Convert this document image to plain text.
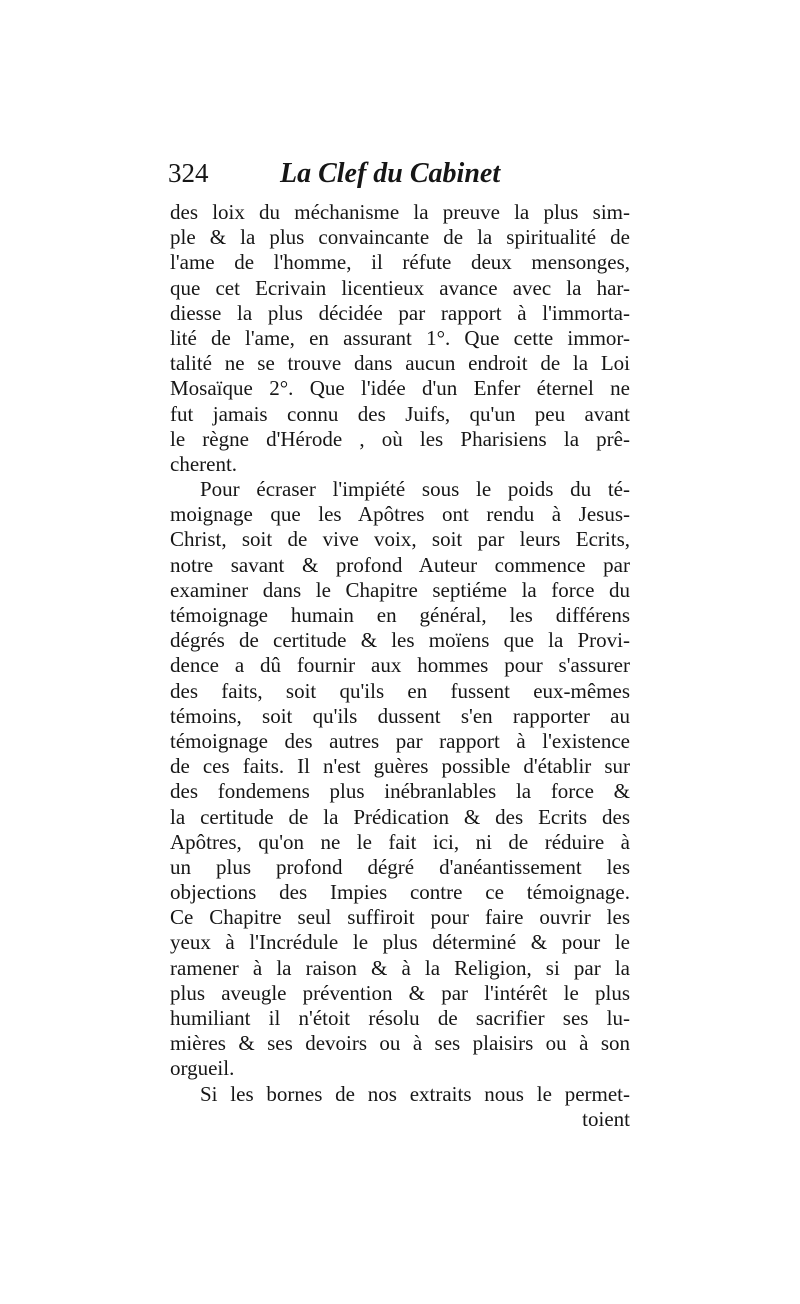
324	La Clef du Cabinet
des loix du méchanisme la preuve la plus sim-
ple & la plus convaincante de la spiritualité de
l'ame de l'homme, il réfute deux mensonges,
que cet Ecrivain licentieux avance avec la har-
diesse la plus décidée par rapport à l'immorta-
lité de l'ame, en assurant 1°. Que cette immor-
talité ne se trouve dans aucun endroit de la Loi
Mosaïque 2°. Que l'idée d'un Enfer éternel ne
fut jamais connu des Juifs, qu'un peu avant
le règne d'Hérode , où les Pharisiens la prê-
cherent.
Pour écraser l'impiété sous le poids du té-
moignage que les Apôtres ont rendu à Jesus-
Christ, soit de vive voix, soit par leurs Ecrits,
notre savant & profond Auteur commence par
examiner dans le Chapitre septiéme la force du
témoignage humain en général, les différens
dégrés de certitude & les moïens que la Provi-
dence a dû fournir aux hommes pour s'assurer
des faits, soit qu'ils en fussent eux-mêmes
témoins, soit qu'ils dussent s'en rapporter au
témoignage des autres par rapport à l'existence
de ces faits. Il n'est guères possible d'établir sur
des fondemens plus inébranlables la force &
la certitude de la Prédication & des Ecrits des
Apôtres, qu'on ne le fait ici, ni de réduire à
un plus profond dégré d'anéantissement les
objections des Impies contre ce témoignage.
Ce Chapitre seul suffiroit pour faire ouvrir les
yeux à l'Incrédule le plus déterminé & pour le
ramener à la raison & à la Religion, si par la
plus aveugle prévention & par l'intérêt le plus
humiliant il n'étoit résolu de sacrifier ses lu-
mières & ses devoirs ou à ses plaisirs ou à son
orgueil.
Si les bornes de nos extraits nous le permet-
toient
